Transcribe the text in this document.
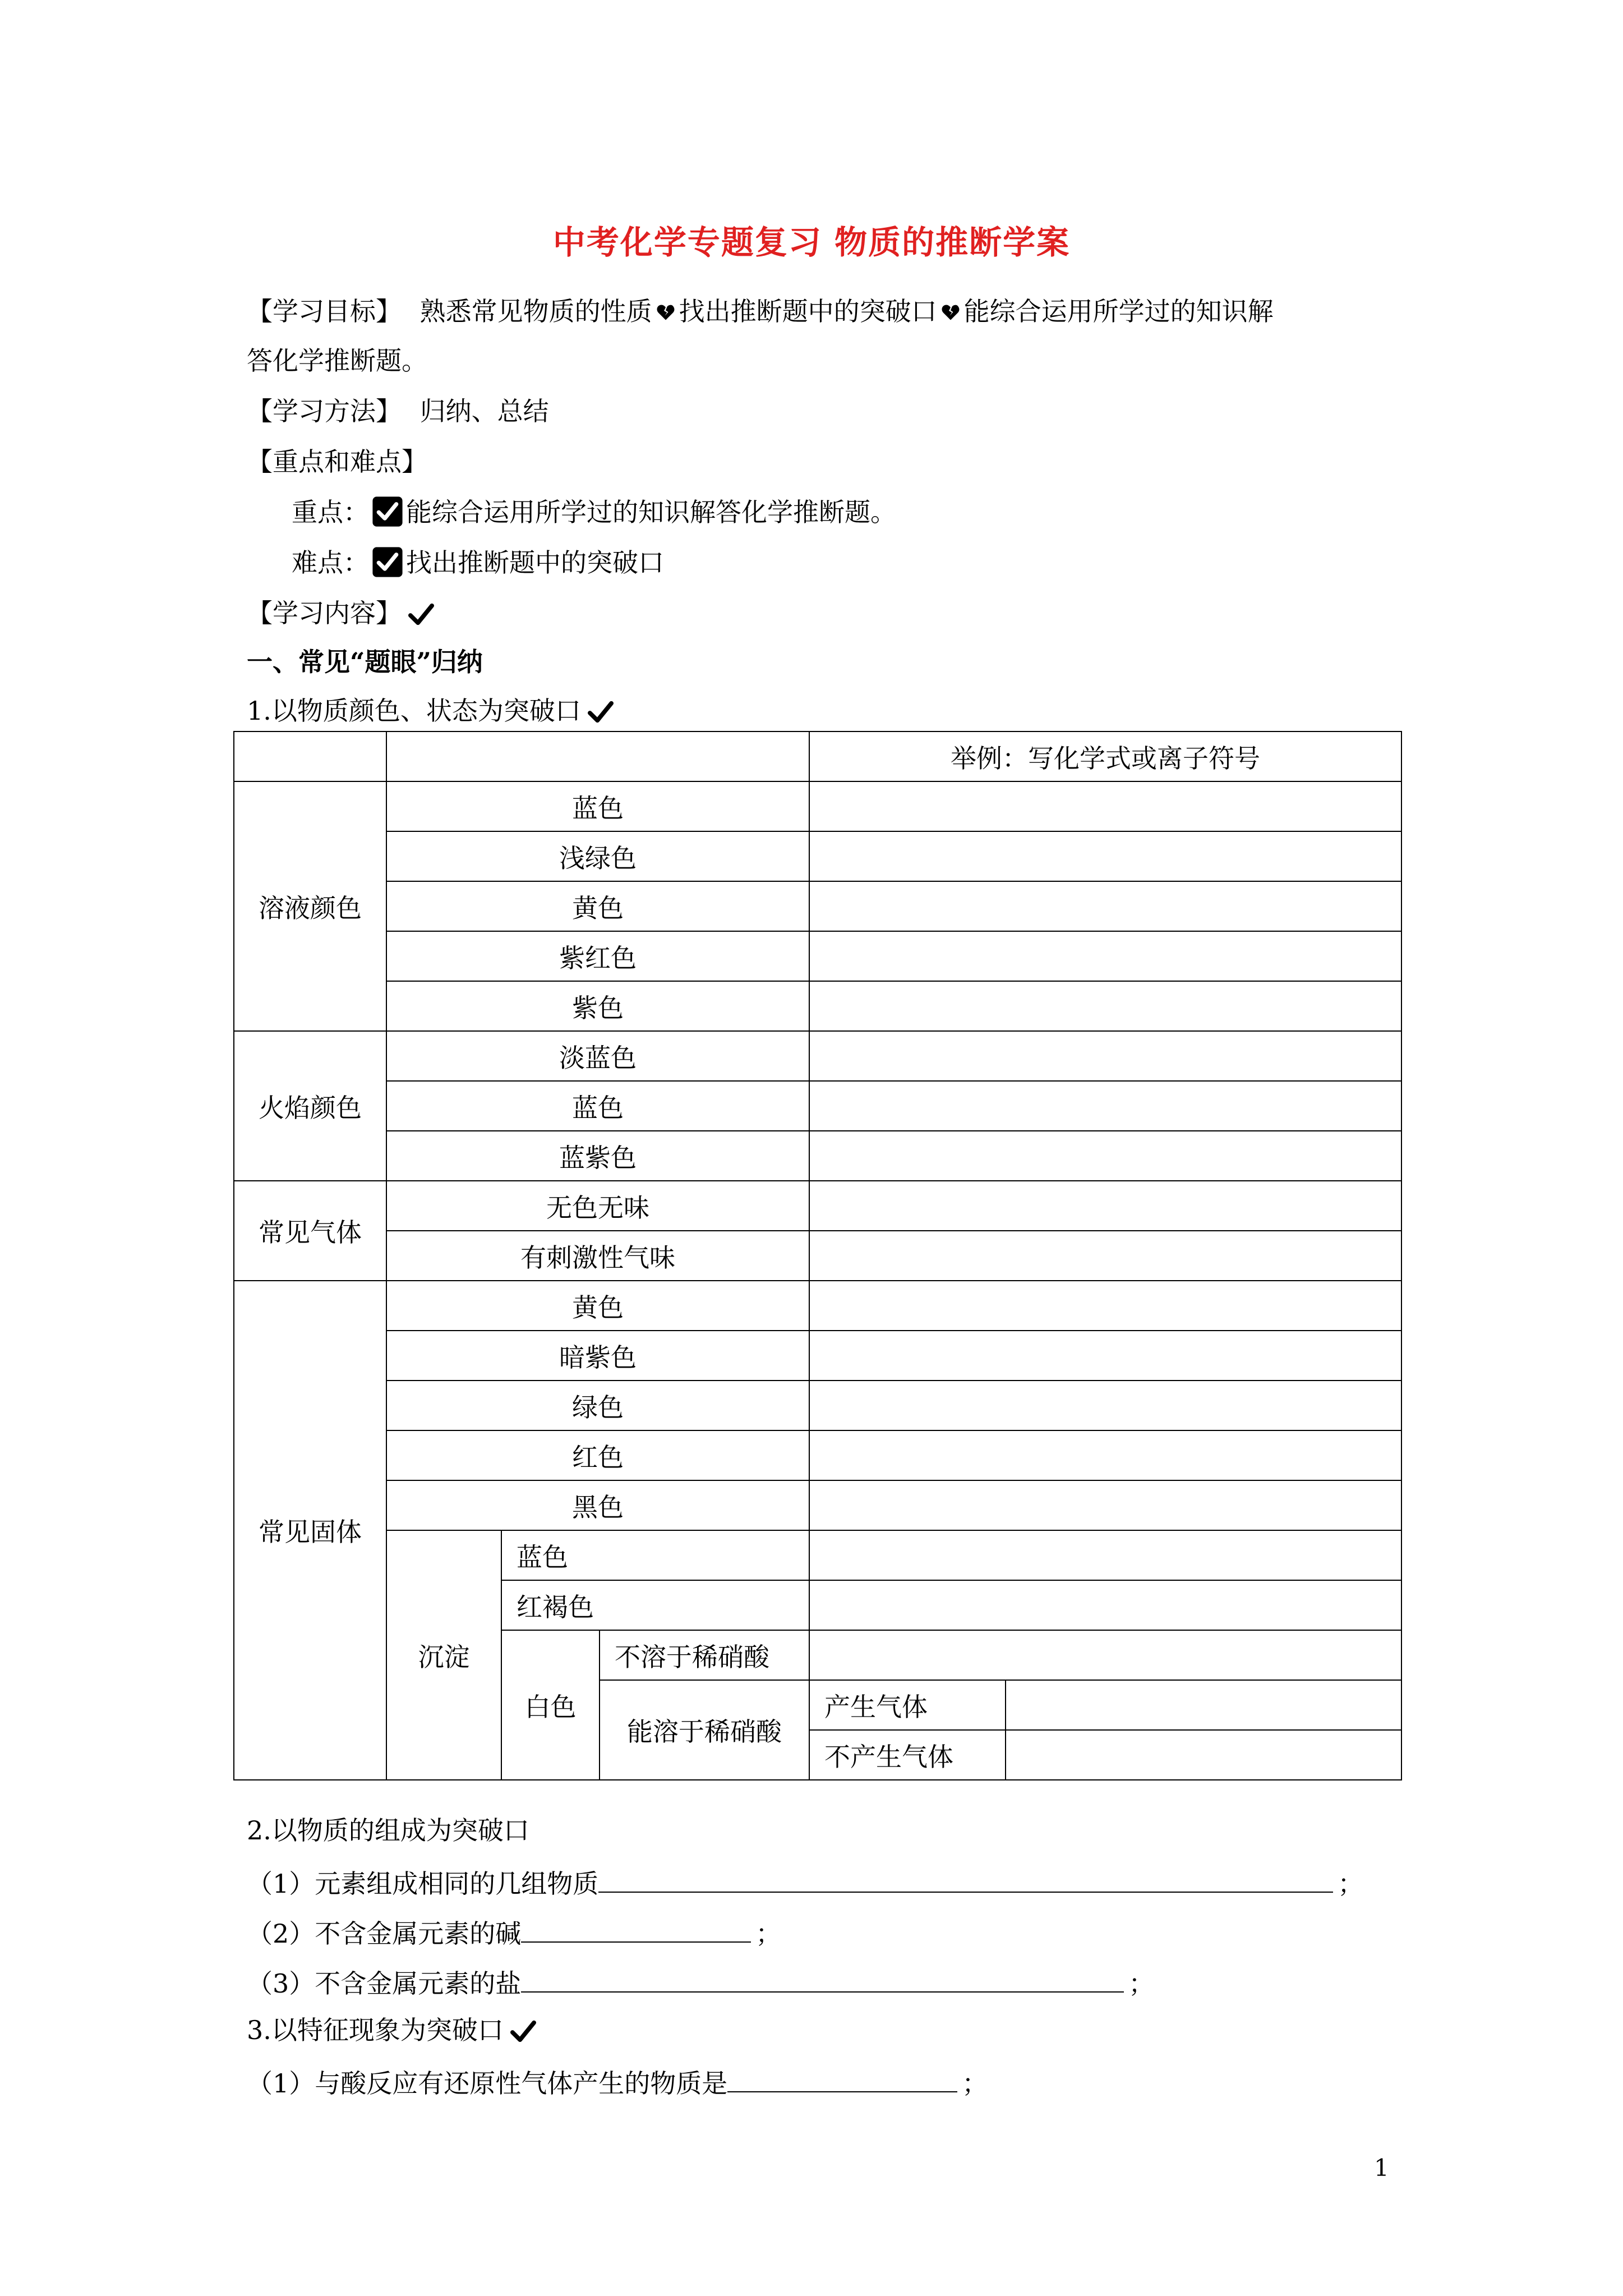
中考化学专题复习 物质的推断学案
【学习目标】 熟悉常见物质的性质 找出推断题中的突破口 能综合运用所学过的知识解
答化学推断题。
【学习方法】 归纳、总结
【重点和难点】
重点： 能综合运用所学过的知识解答化学推断题。
难点： 找出推断题中的突破口
【学习内容】
一、常见“题眼”归纳
1.以物质颜色、状态为突破口
				举例：写化学式或离子符号	
溶液颜色	蓝色				
	浅绿色				
	黄色				
	紫红色				
	紫色				
火焰颜色	淡蓝色				
	蓝色				
	蓝紫色				
常见气体	无色无味				
	有刺激性气味				
常见固体	黄色				
	暗紫色				
	绿色				
	红色				
	黑色				
	沉淀	蓝色			
		红褐色			
		白色	不溶于稀硝酸		
			能溶于稀硝酸	产生气体	
				不产生气体	
2.以物质的组成为突破口
（1）元素组成相同的几组物质	；
（2）不含金属元素的碱	；
（3）不含金属元素的盐	；
3.以特征现象为突破口
（1）与酸反应有还原性气体产生的物质是	；
1
